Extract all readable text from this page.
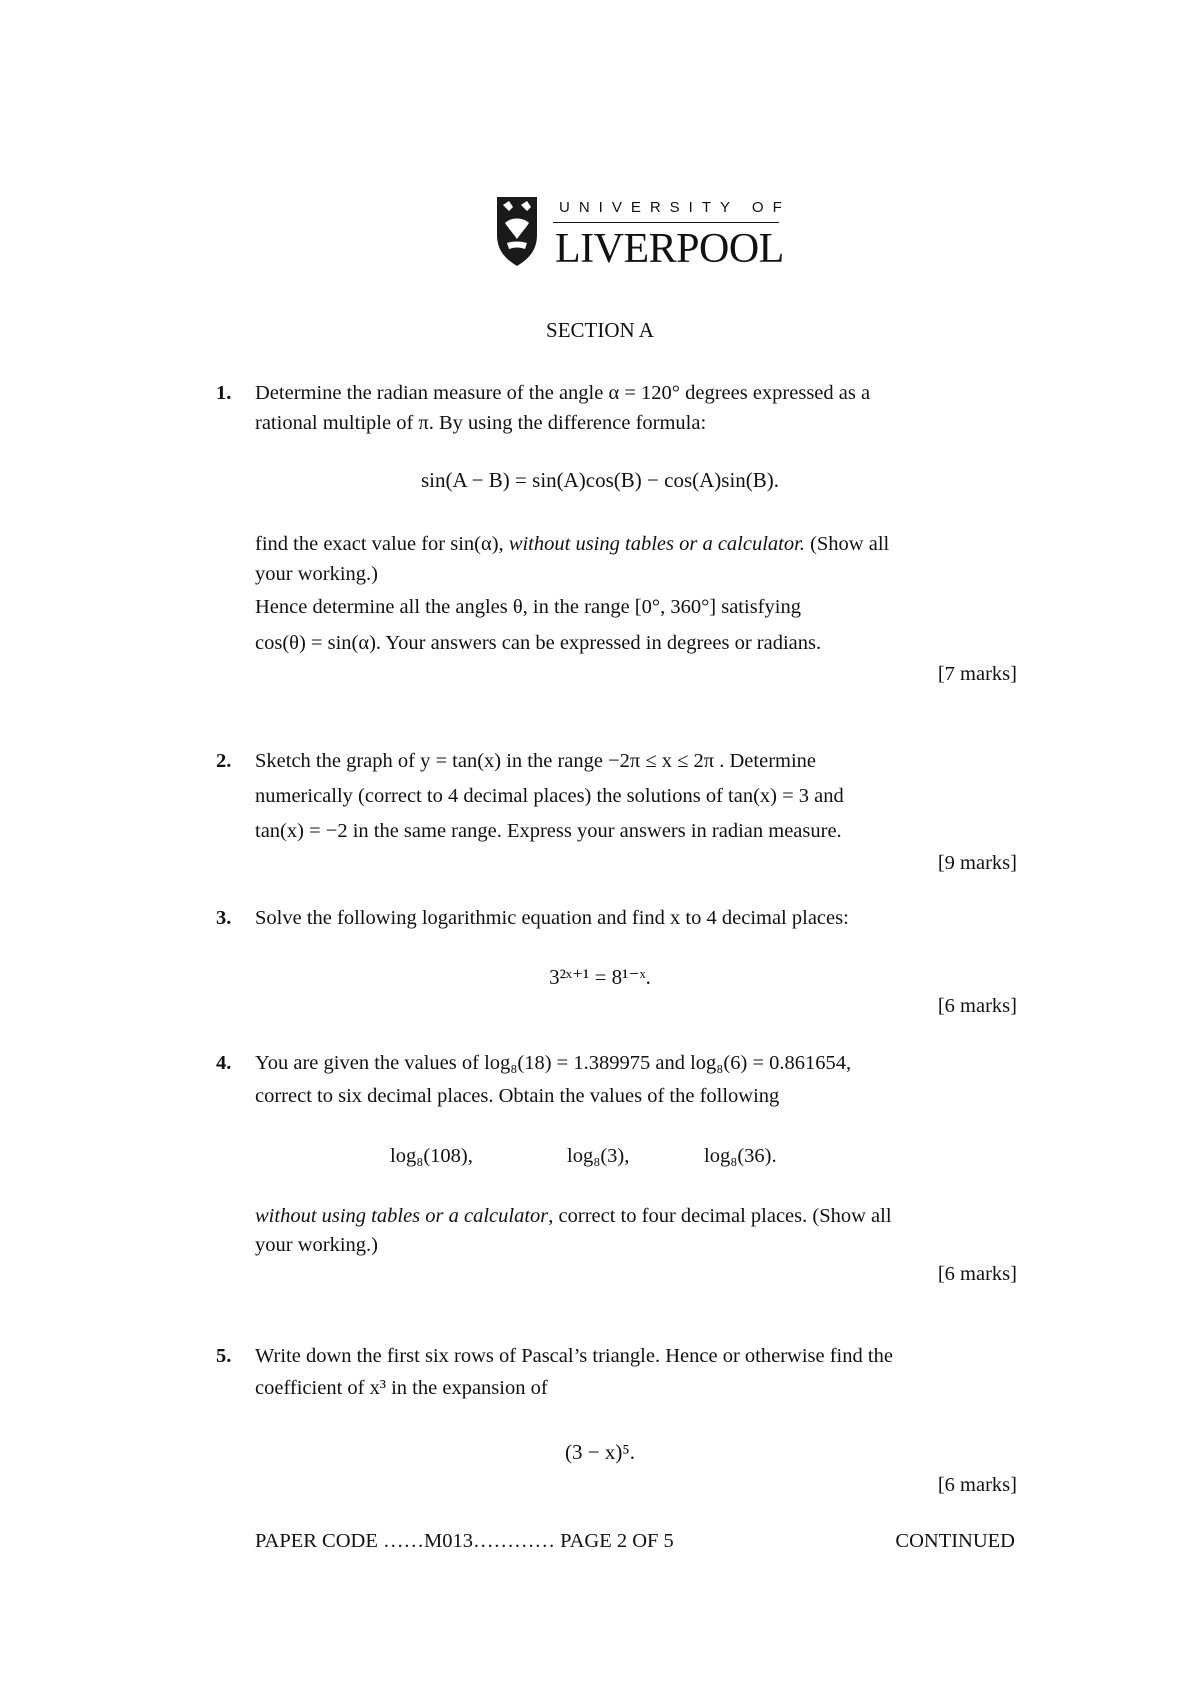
UNIVERSITY OF
LIVERPOOL
SECTION A
1. Determine the radian measure of the angle α = 120° degrees expressed as a
rational multiple of π. By using the difference formula:
sin(A − B) = sin(A)cos(B) − cos(A)sin(B).
find the exact value for sin(α), without using tables or a calculator. (Show all
your working.)
Hence determine all the angles θ, in the range [0°, 360°] satisfying
cos(θ) = sin(α). Your answers can be expressed in degrees or radians.
[7 marks]
2. Sketch the graph of y = tan(x) in the range −2π ≤ x ≤ 2π . Determine
numerically (correct to 4 decimal places) the solutions of tan(x) = 3 and
tan(x) = −2 in the same range. Express your answers in radian measure.
[9 marks]
3. Solve the following logarithmic equation and find x to 4 decimal places:
3²ˣ⁺¹ = 8¹⁻ˣ.
[6 marks]
4. You are given the values of log₈(18) = 1.389975 and log₈(6) = 0.861654,
correct to six decimal places. Obtain the values of the following
log₈(108),	log₈(3),	log₈(36).
without using tables or a calculator, correct to four decimal places. (Show all
your working.)
[6 marks]
5. Write down the first six rows of Pascal’s triangle. Hence or otherwise find the
coefficient of x³ in the expansion of
(3 − x)⁵.
[6 marks]
PAPER CODE ……M013………… PAGE 2 OF 5	CONTINUED
